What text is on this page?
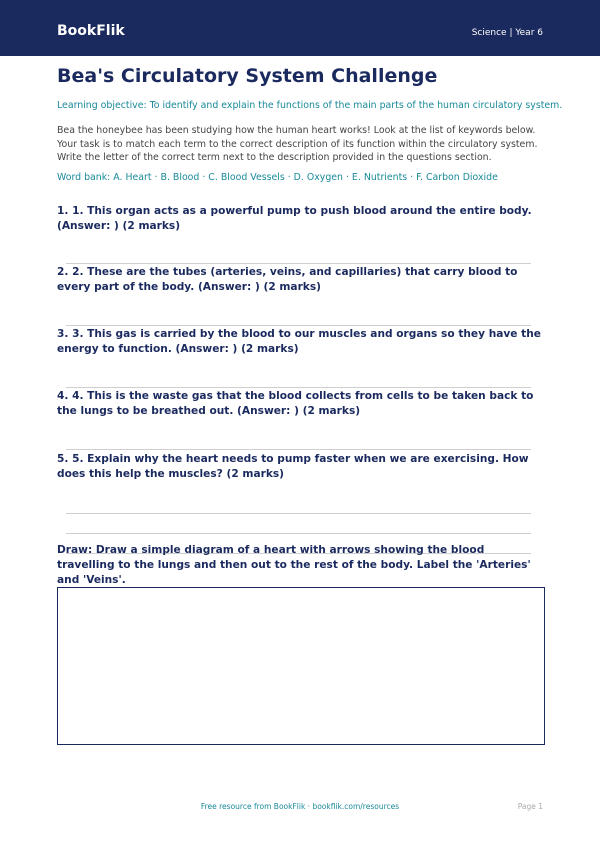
BookFlik	Science | Year 6
Bea's Circulatory System Challenge
Learning objective: To identify and explain the functions of the main parts of the human circulatory system.
Bea the honeybee has been studying how the human heart works! Look at the list of keywords below. Your task is to match each term to the correct description of its function within the circulatory system. Write the letter of the correct term next to the description provided in the questions section.
Word bank: A. Heart · B. Blood · C. Blood Vessels · D. Oxygen · E. Nutrients · F. Carbon Dioxide
1. 1. This organ acts as a powerful pump to push blood around the entire body. (Answer: ) (2 marks)
2. 2. These are the tubes (arteries, veins, and capillaries) that carry blood to every part of the body. (Answer: ) (2 marks)
3. 3. This gas is carried by the blood to our muscles and organs so they have the energy to function. (Answer: ) (2 marks)
4. 4. This is the waste gas that the blood collects from cells to be taken back to the lungs to be breathed out. (Answer: ) (2 marks)
5. 5. Explain why the heart needs to pump faster when we are exercising. How does this help the muscles? (2 marks)
Draw: Draw a simple diagram of a heart with arrows showing the blood travelling to the lungs and then out to the rest of the body. Label the 'Arteries' and 'Veins'.
Free resource from BookFlik · bookflik.com/resources	Page 1
